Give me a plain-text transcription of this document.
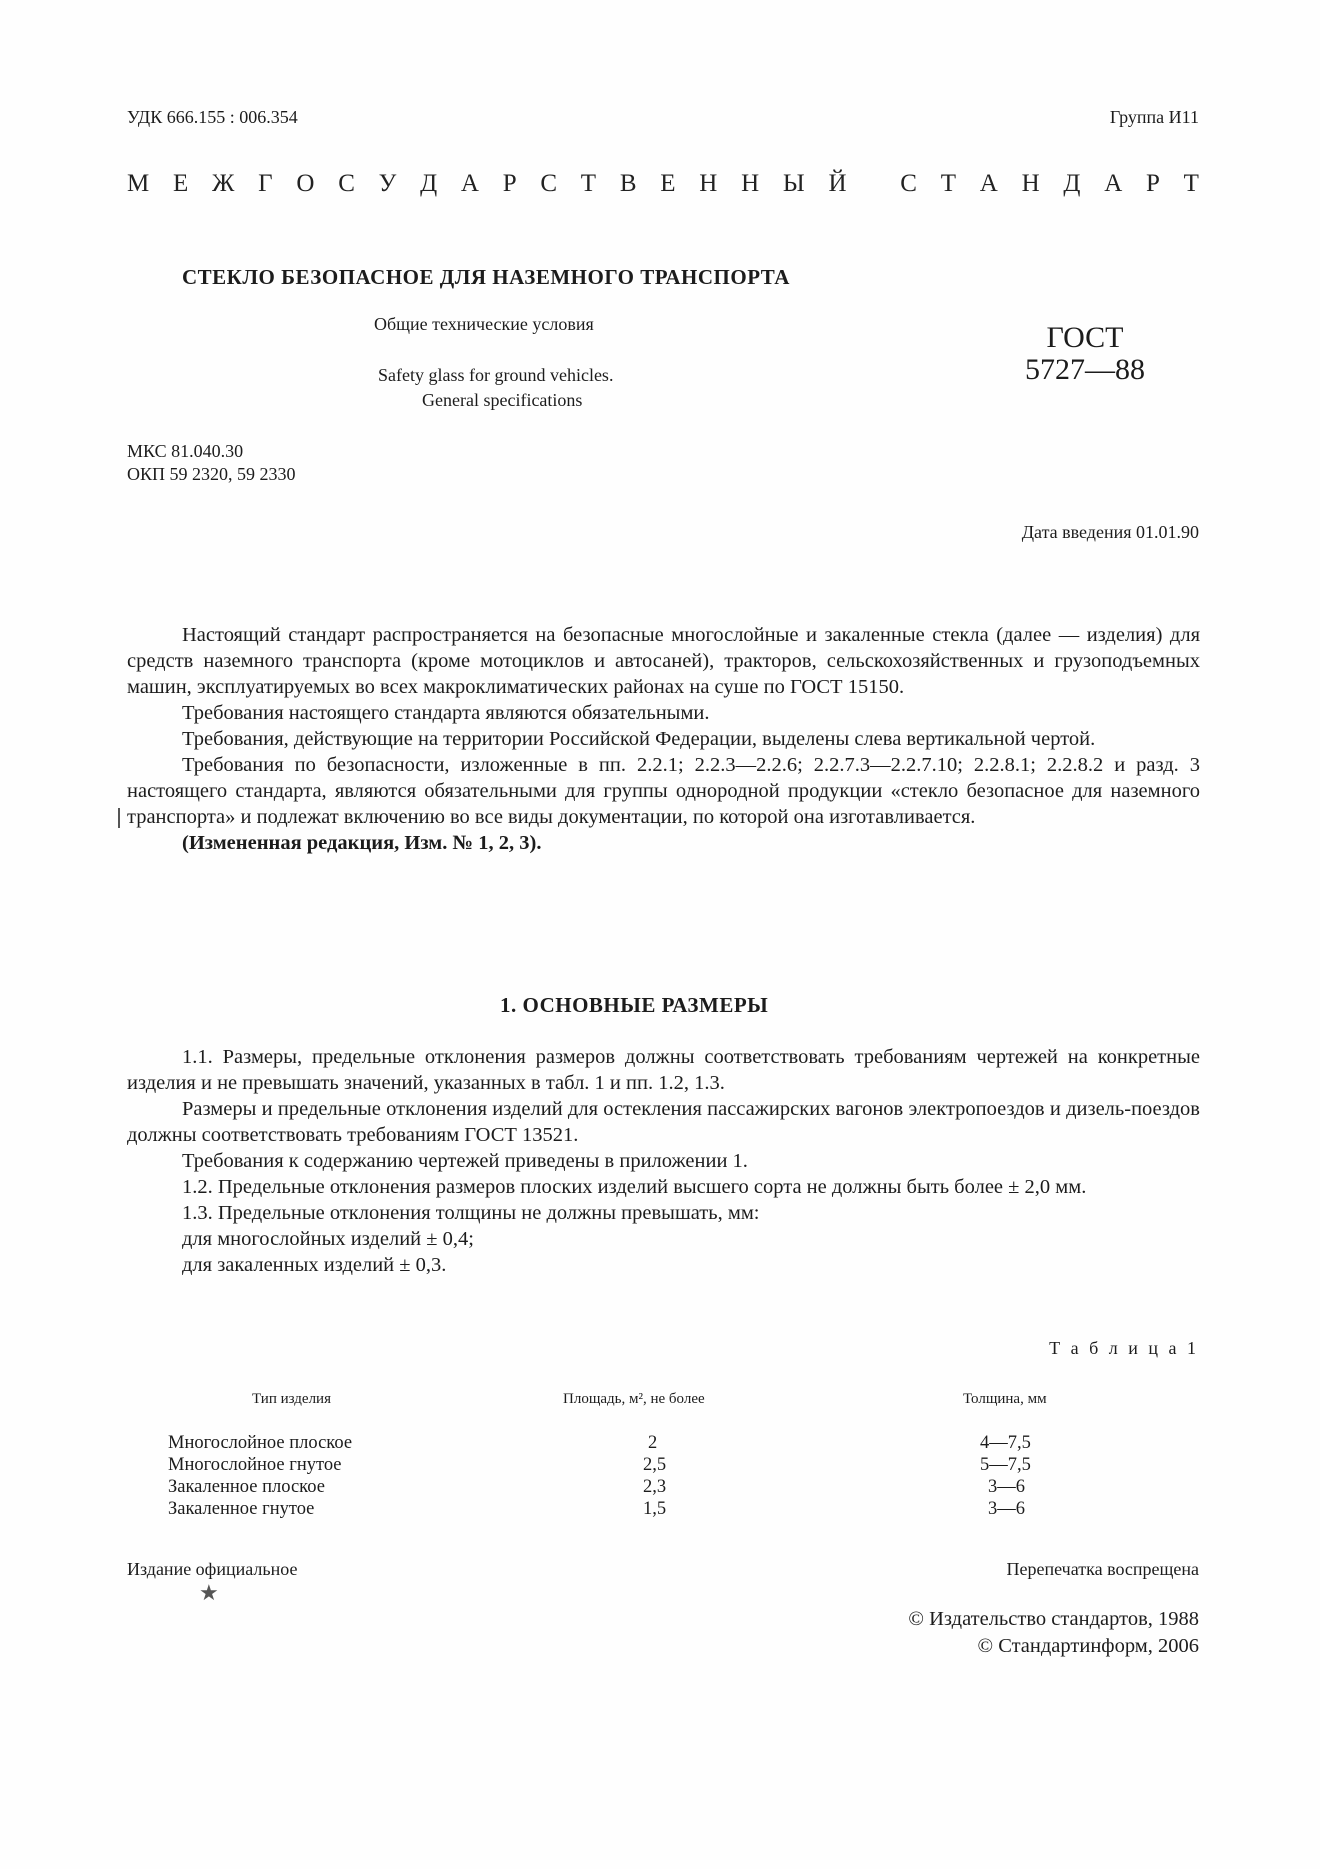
УДК 666.155 : 006.354	Группа И11
М Е Ж Г О С У Д А Р С Т В Е Н Н Ы Й
С Т А Н Д А Р Т
СТЕКЛО БЕЗОПАСНОЕ ДЛЯ НАЗЕМНОГО ТРАНСПОРТА
Общие технические условия
Safety glass for ground vehicles.
General specifications
ГОСТ
5727—88
МКС 81.040.30
ОКП 59 2320, 59 2330
Дата введения 01.01.90

Настоящий стандарт распространяется на безопасные многослойные и закаленные стекла (далее — изделия) для средств наземного транспорта (кроме мотоциклов и автосаней), тракторов, сельскохозяйственных и грузоподъемных машин, эксплуатируемых во всех макроклиматических районах на суше по ГОСТ 15150.

Требования настоящего стандарта являются обязательными.

Требования, действующие на территории Российской Федерации, выделены слева вертикальной чертой.

Требования по безопасности, изложенные в пп. 2.2.1; 2.2.3—2.2.6; 2.2.7.3—2.2.7.10; 2.2.8.1; 2.2.8.2 и разд. 3 настоящего стандарта, являются обязательными для группы однородной продукции «стекло безопасное для наземного транспорта» и подлежат включению во все виды документации, по которой она изготавливается.

(Измененная редакция, Изм. № 1, 2, 3).

1. ОСНОВНЫЕ РАЗМЕРЫ

1.1. Размеры, предельные отклонения размеров должны соответствовать требованиям чертежей на конкретные изделия и не превышать значений, указанных в табл. 1 и пп. 1.2, 1.3.

Размеры и предельные отклонения изделий для остекления пассажирских вагонов электропоездов и дизель-поездов должны соответствовать требованиям ГОСТ 13521.

Требования к содержанию чертежей приведены в приложении 1.

1.2. Предельные отклонения размеров плоских изделий высшего сорта не должны быть более ± 2,0 мм.

1.3. Предельные отклонения толщины не должны превышать, мм:

для многослойных изделий ± 0,4;

для закаленных изделий ± 0,3.

Т а б л и ц а 1
Тип изделия	Площадь, м², не более	Толщина, мм
Многослойное плоское	2	4—7,5
Многослойное гнутое	2,5	5—7,5
Закаленное плоское	2,3	3—6
Закаленное гнутое	1,5	3—6
Издание официальное
★
Перепечатка воспрещена
© Издательство стандартов, 1988
© Стандартинформ, 2006
